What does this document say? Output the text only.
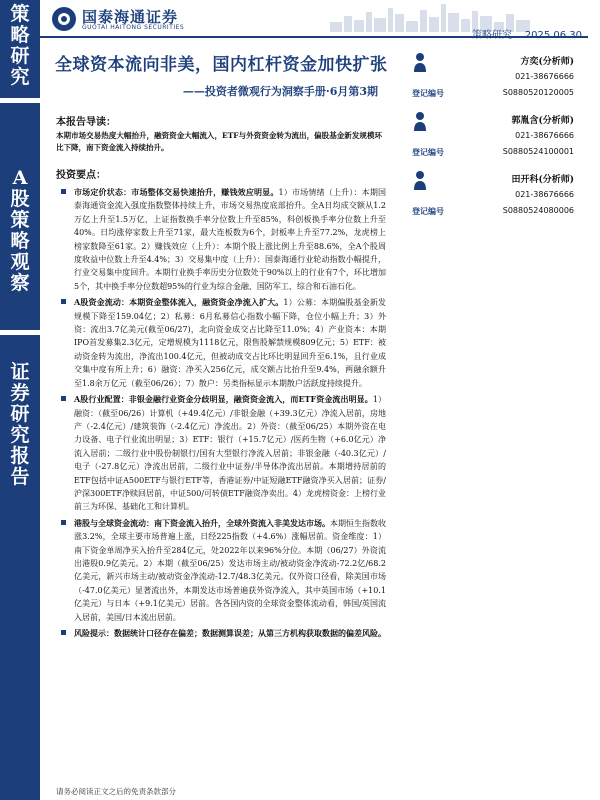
策
略
研
究
A
股
策
略
观
察
证
券
研
究
报
告
国泰海通证券
GUOTAI HAITONG SECURITIES

全球资本流向非美，国内杠杆资金加快扩张
——投资者微观行为洞察手册·6月第3期
方奕(分析师)
021-38676666
登记编号	S0880520120005
郭胤含(分析师)
021-38676666
登记编号	S0880524100001
田开科(分析师)
021-38676666
登记编号	S0880524080006
本报告导读：
本期市场交易热度大幅抬升，融资资金大幅流入，ETF与外资资金转为流出，偏股基金新发规模环比下降，南下资金流入持续抬升。
投资要点：
市场定价状态：市场整体交易快速抬升，赚钱效应明显。1）市场情绪（上升）：本期国泰海通资金流入强度指数整体持续上升，市场交易热度底部抬升。全A日均成交额从1.2万亿上升至1.5万亿，上证指数换手率分位数上升至85%，科创板换手率分位数上升至40%。日均涨停家数上升至71家，最大连板数为6个，封板率上升至77.2%，龙虎榜上榜家数降至61家。2）赚钱效应（上升）：本期个股上涨比例上升至88.6%，全A个股周度收益中位数上升至4.4%；3）交易集中度（上升）：国泰海通行业轮动指数小幅提升，行业交易集中度回升。本期行业换手率历史分位数处于90%以上的行业有7个，环比增加5个，其中换手率分位数超95%的行业为综合金融、国防军工、综合和石油石化。
A股资金流动：本期资金整体流入，融资资金净流入扩大。1）公募：本期偏股基金新发规模下降至159.04亿；2）私募：6月私募信心指数小幅下降，仓位小幅上升；3）外资：流出3.7亿美元(截至06/27)，北向资金成交占比降至11.0%；4）产业资本：本期IPO首发募集2.3亿元，定增规模为1118亿元，限售股解禁规模809亿元；5）ETF：被动资金转为流出，净流出100.4亿元，但被动成交占比环比明显回升至6.1%，且行业成交集中度有所上升；6）融资：净买入256亿元，成交额占比抬升至9.4%，两融余额升至1.8余万亿元（截至06/26）；7）散户：另类指标显示本期散户活跃度持续提升。
A股行业配置：非银金融行业资金分歧明显，融资资金流入，而ETF资金流出明显。1）融资：（截至06/26）计算机（+49.4亿元）/非银金融（+39.3亿元）净流入居前，房地产（-2.4亿元）/建筑装饰（-2.4亿元）净流出。2）外资：（截至06/25）本期外资在电力设备、电子行业流出明显；3）ETF：银行（+15.7亿元）/医药生物（+6.0亿元）净流入居前；二级行业中股份制银行/国有大型银行净流入居前；非银金融（-40.3亿元）/电子（-27.8亿元）净流出居前，二级行业中证券/半导体净流出居前。本期增持居前的ETF包括中证A500ETF与银行ETF等，香港证券/中证短融ETF融资净买入居前；证券/沪深300ETF净赎回居前，中证500/可转债ETF融资净卖出。4）龙虎榜资金：上榜行业前三为环保、基础化工和计算机。
港股与全球资金流动：南下资金流入抬升，全球外资流入非美发达市场。本期恒生指数收涨3.2%，全球主要市场普遍上涨，日经225指数（+4.6%）涨幅居前。资金维度：1）南下资金单周净买入抬升至284亿元，处2022年以来96%分位。本期（06/27）外资流出港股0.9亿美元。2）本期（截至06/25）发达市场主动/被动资金净流动-72.2亿/68.2亿美元，新兴市场主动/被动资金净流动-12.7/48.3亿美元。仅外资口径看，除美国市场（-47.0亿美元）显著流出外，本期发达市场普遍获外资净流入，其中英国市场（+10.1亿美元）与日本（+9.1亿美元）居前。各各国内资的全球资金整体流动看，韩国/英国流入居前，美国/日本流出居前。
风险提示：数据统计口径存在偏差；数据测算误差；从第三方机构获取数据的偏差风险。
请务必阅读正文之后的免责条款部分
